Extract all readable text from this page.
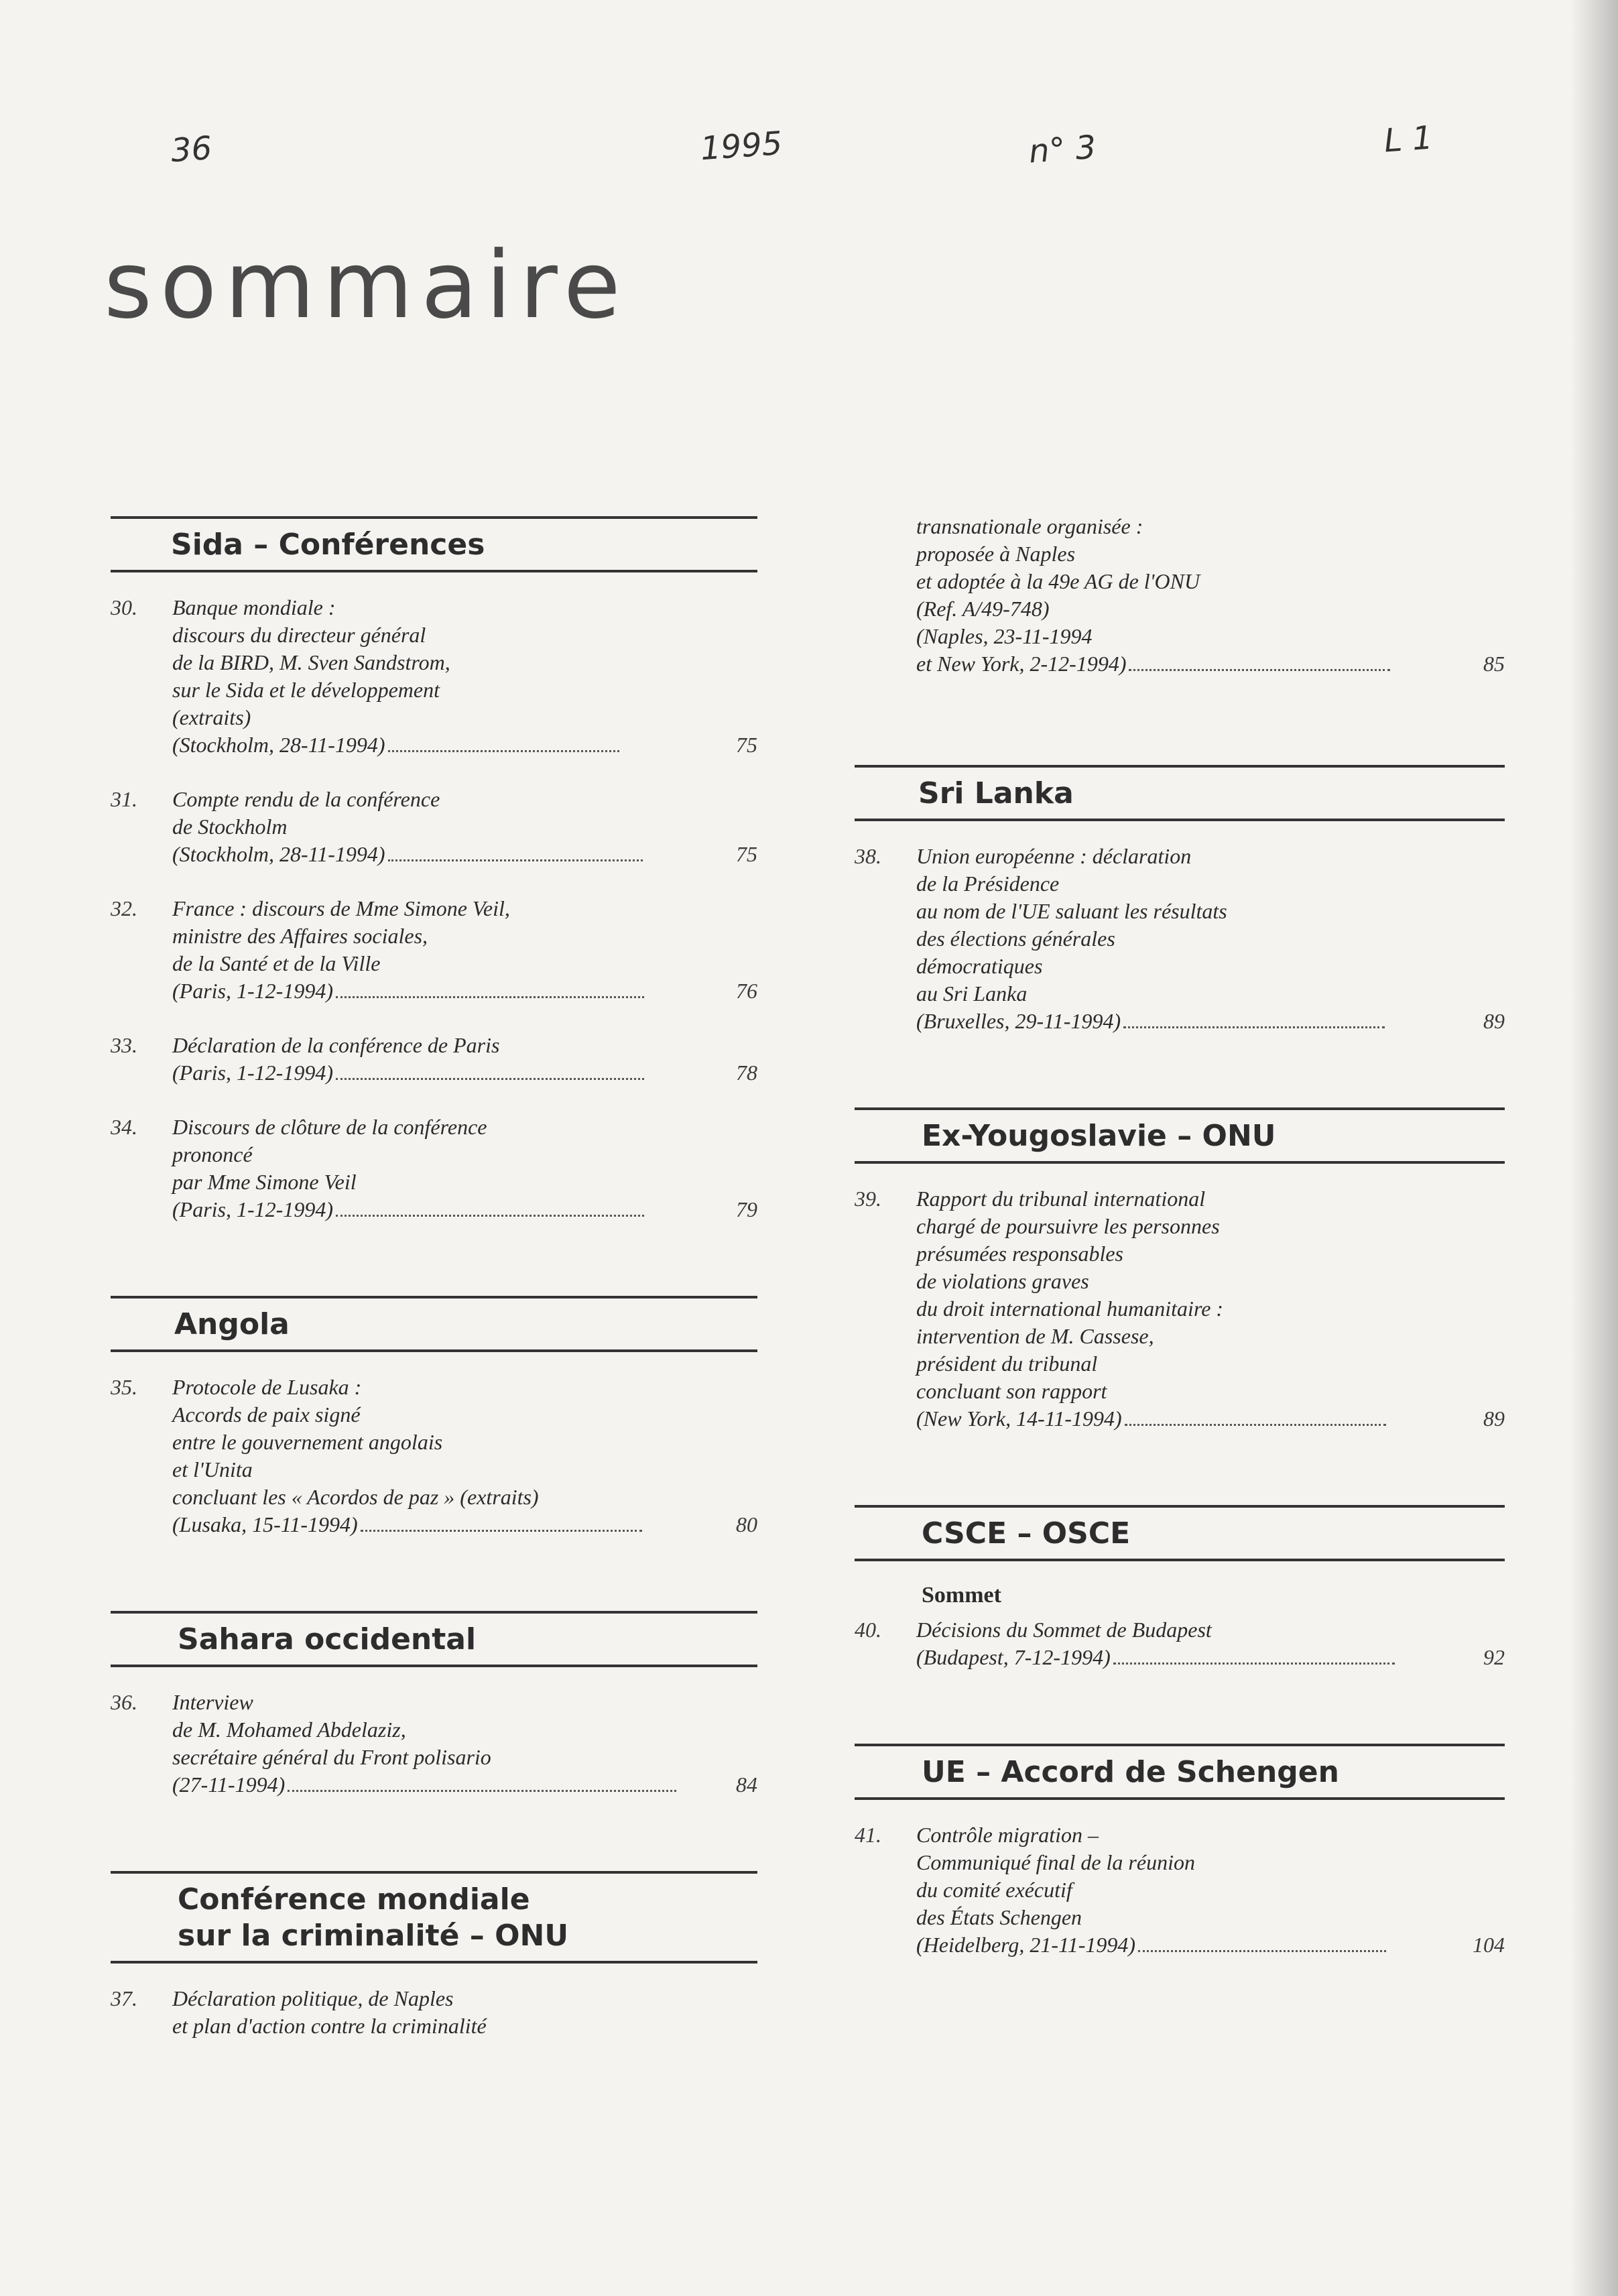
36	1995	n° 3	L 1
sommaire
Sida – Conférences
30.	Banque mondiale :
discours du directeur général
de la BIRD, M. Sven Sandstrom,
sur le Sida et le développement
(extraits)
(Stockholm, 28-11-1994)	75
31.	Compte rendu de la conférence
de Stockholm
(Stockholm, 28-11-1994)	75
32.	France : discours de Mme Simone Veil,
ministre des Affaires sociales,
de la Santé et de la Ville
(Paris, 1-12-1994)	76
33.	Déclaration de la conférence de Paris
(Paris, 1-12-1994)	78
34.	Discours de clôture de la conférence
prononcé
par Mme Simone Veil
(Paris, 1-12-1994)	79
Angola
35.	Protocole de Lusaka :
Accords de paix signé
entre le gouvernement angolais
et l'Unita
concluant les « Acordos de paz » (extraits)
(Lusaka, 15-11-1994)	80
Sahara occidental
36.	Interview
de M. Mohamed Abdelaziz,
secrétaire général du Front polisario
(27-11-1994)	84
Conférence mondiale
sur la criminalité – ONU
37.	Déclaration politique, de Naples
et plan d'action contre la criminalité
transnationale organisée :
proposée à Naples
et adoptée à la 49e AG de l'ONU
(Ref. A/49-748)
(Naples, 23-11-1994
et New York, 2-12-1994)	85
Sri Lanka
38.	Union européenne : déclaration
de la Présidence
au nom de l'UE saluant les résultats
des élections générales
démocratiques
au Sri Lanka
(Bruxelles, 29-11-1994)	89
Ex-Yougoslavie – ONU
39.	Rapport du tribunal international
chargé de poursuivre les personnes
présumées responsables
de violations graves
du droit international humanitaire :
intervention de M. Cassese,
président du tribunal
concluant son rapport
(New York, 14-11-1994)	89
CSCE – OSCE
Sommet
40.	Décisions du Sommet de Budapest
(Budapest, 7-12-1994)	92
UE – Accord de Schengen
41.	Contrôle migration –
Communiqué final de la réunion
du comité exécutif
des États Schengen
(Heidelberg, 21-11-1994)	104
